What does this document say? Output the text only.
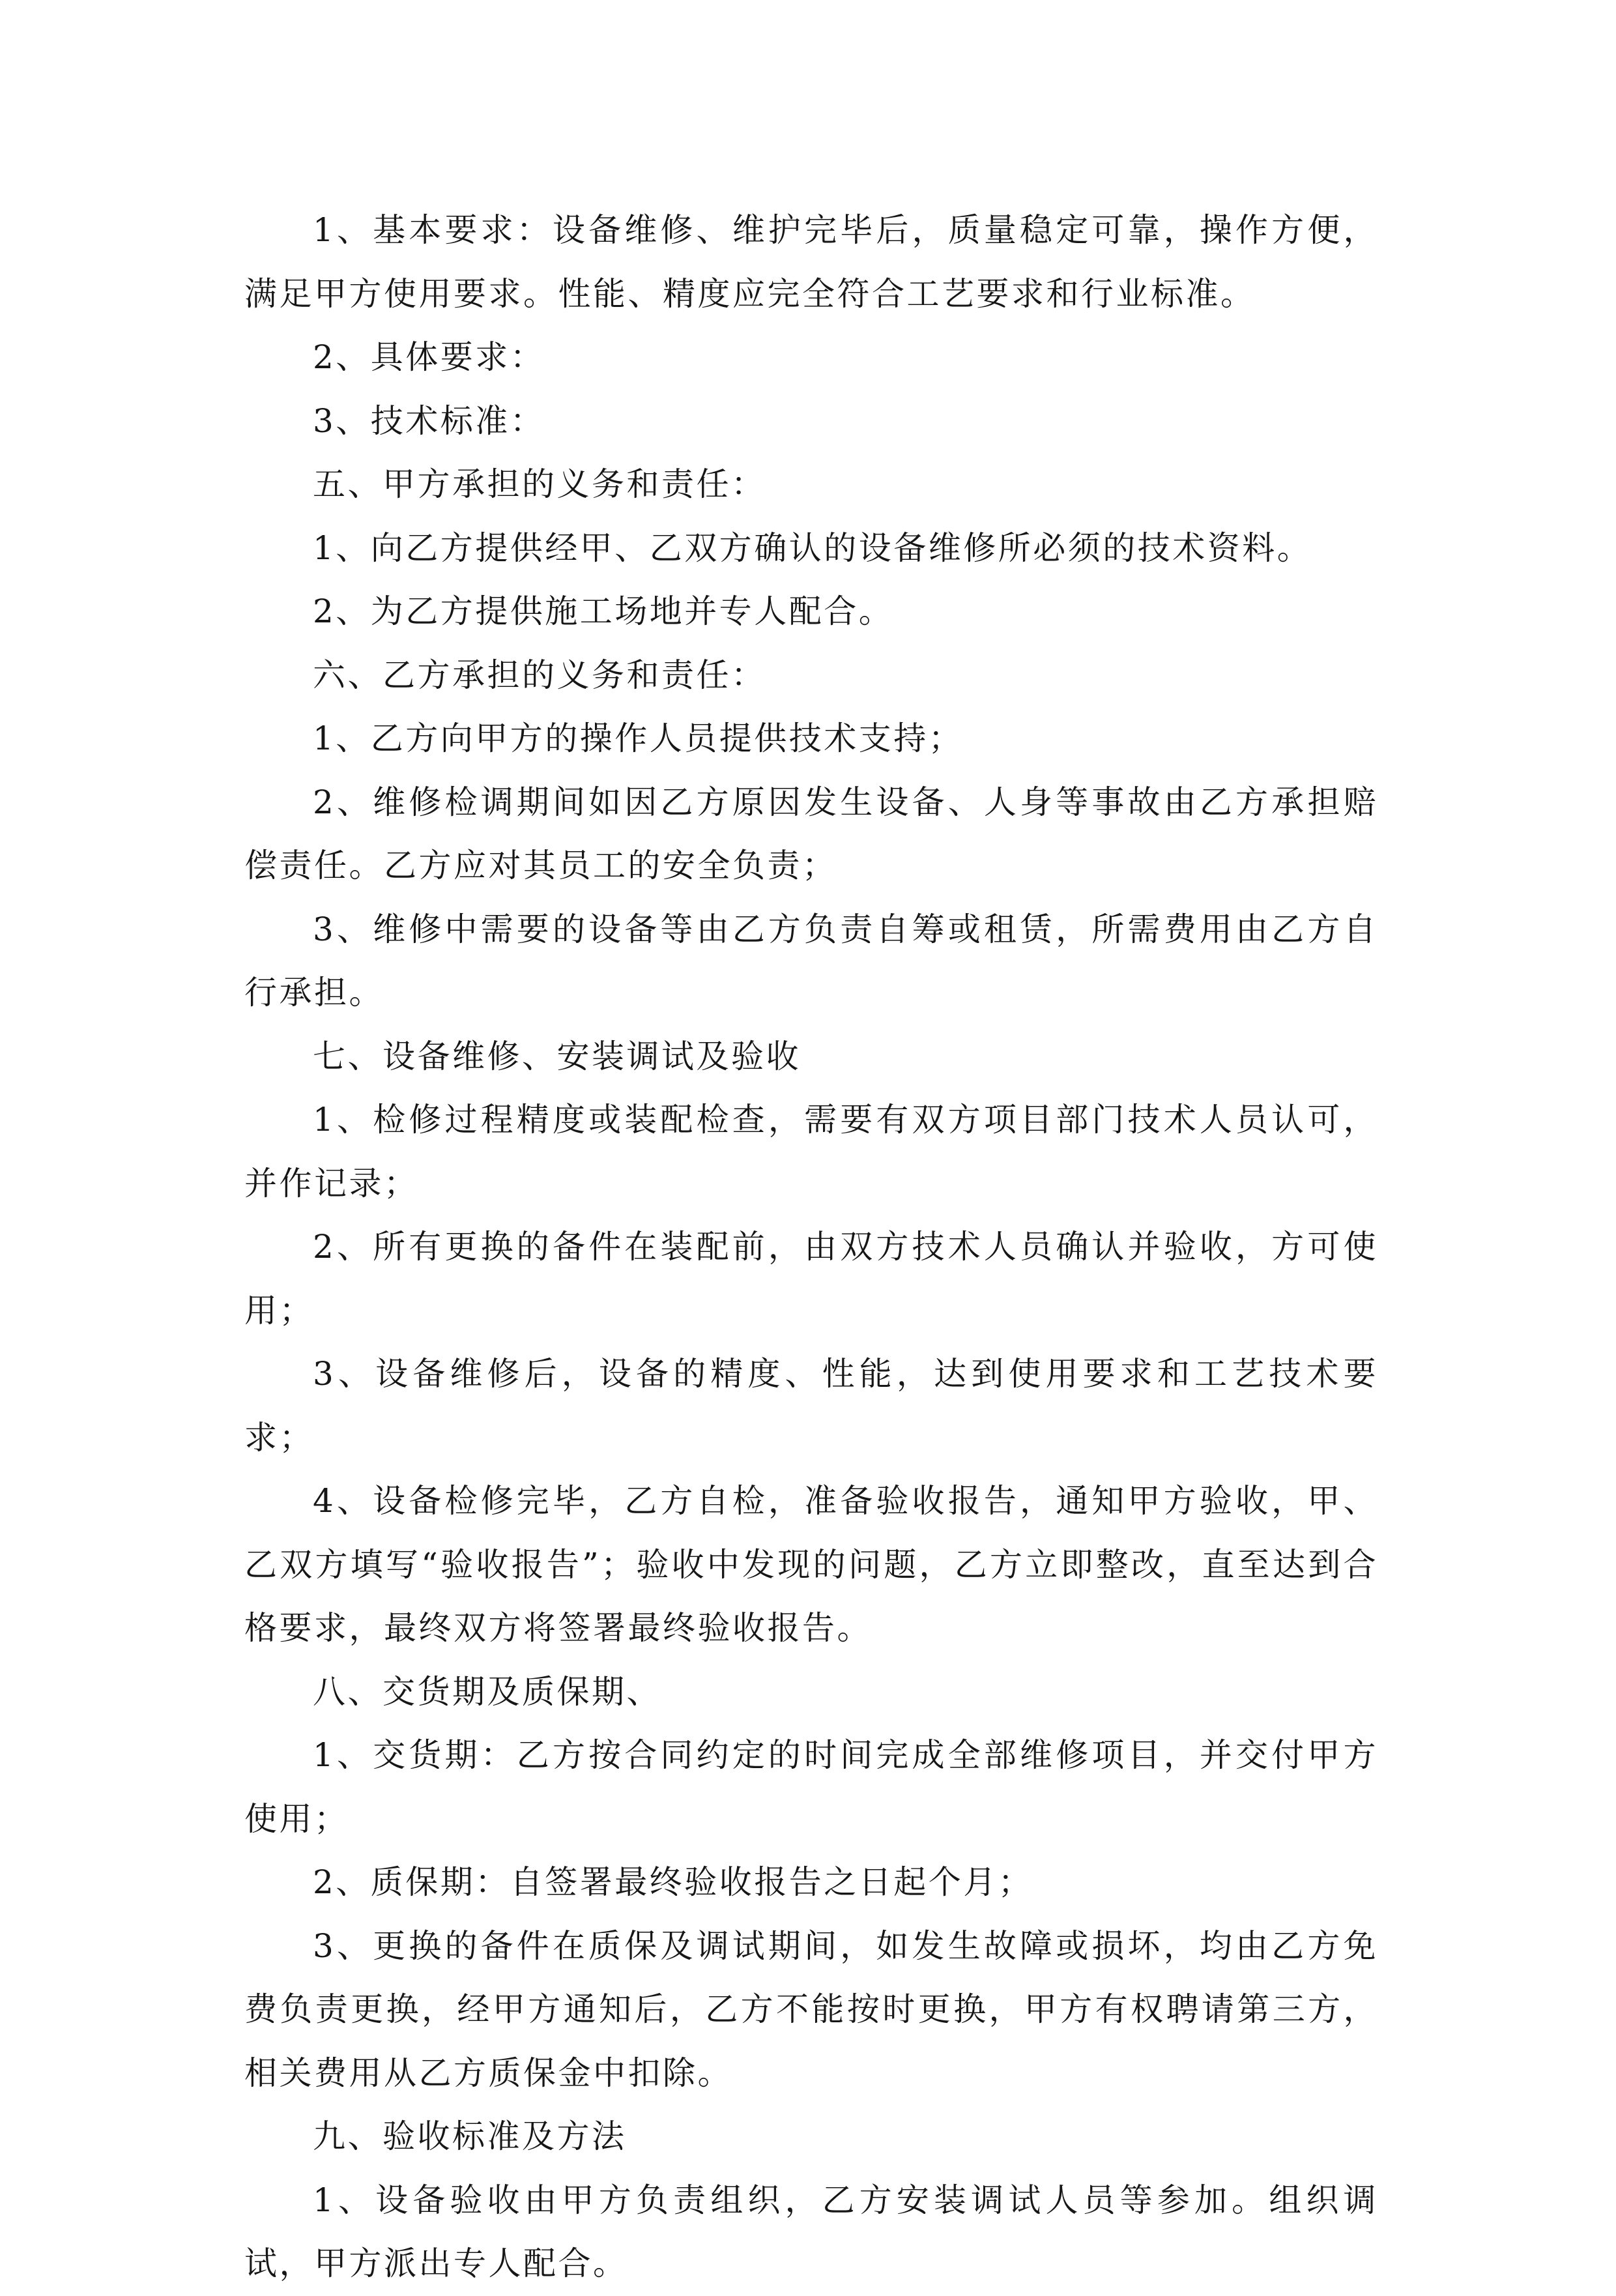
1、基本要求：设备维修、维护完毕后，质量稳定可靠，操作方便，满足甲方使用要求。性能、精度应完全符合工艺要求和行业标准。

2、具体要求：

3、技术标准：

五、甲方承担的义务和责任：

1、向乙方提供经甲、乙双方确认的设备维修所必须的技术资料。

2、为乙方提供施工场地并专人配合。

六、乙方承担的义务和责任：

1、乙方向甲方的操作人员提供技术支持；

2、维修检调期间如因乙方原因发生设备、人身等事故由乙方承担赔偿责任。乙方应对其员工的安全负责；

3、维修中需要的设备等由乙方负责自筹或租赁，所需费用由乙方自行承担。

七、设备维修、安装调试及验收

1、检修过程精度或装配检查，需要有双方项目部门技术人员认可，并作记录；

2、所有更换的备件在装配前，由双方技术人员确认并验收，方可使用；

3、设备维修后，设备的精度、性能，达到使用要求和工艺技术要求；

4、设备检修完毕，乙方自检，准备验收报告，通知甲方验收，甲、乙双方填写“验收报告”；验收中发现的问题，乙方立即整改，直至达到合格要求，最终双方将签署最终验收报告。

八、交货期及质保期、

1、交货期：乙方按合同约定的时间完成全部维修项目，并交付甲方使用；

2、质保期：自签署最终验收报告之日起个月；

3、更换的备件在质保及调试期间，如发生故障或损坏，均由乙方免费负责更换，经甲方通知后，乙方不能按时更换，甲方有权聘请第三方，相关费用从乙方质保金中扣除。

九、验收标准及方法

1、设备验收由甲方负责组织，乙方安装调试人员等参加。组织调试，甲方派出专人配合。
